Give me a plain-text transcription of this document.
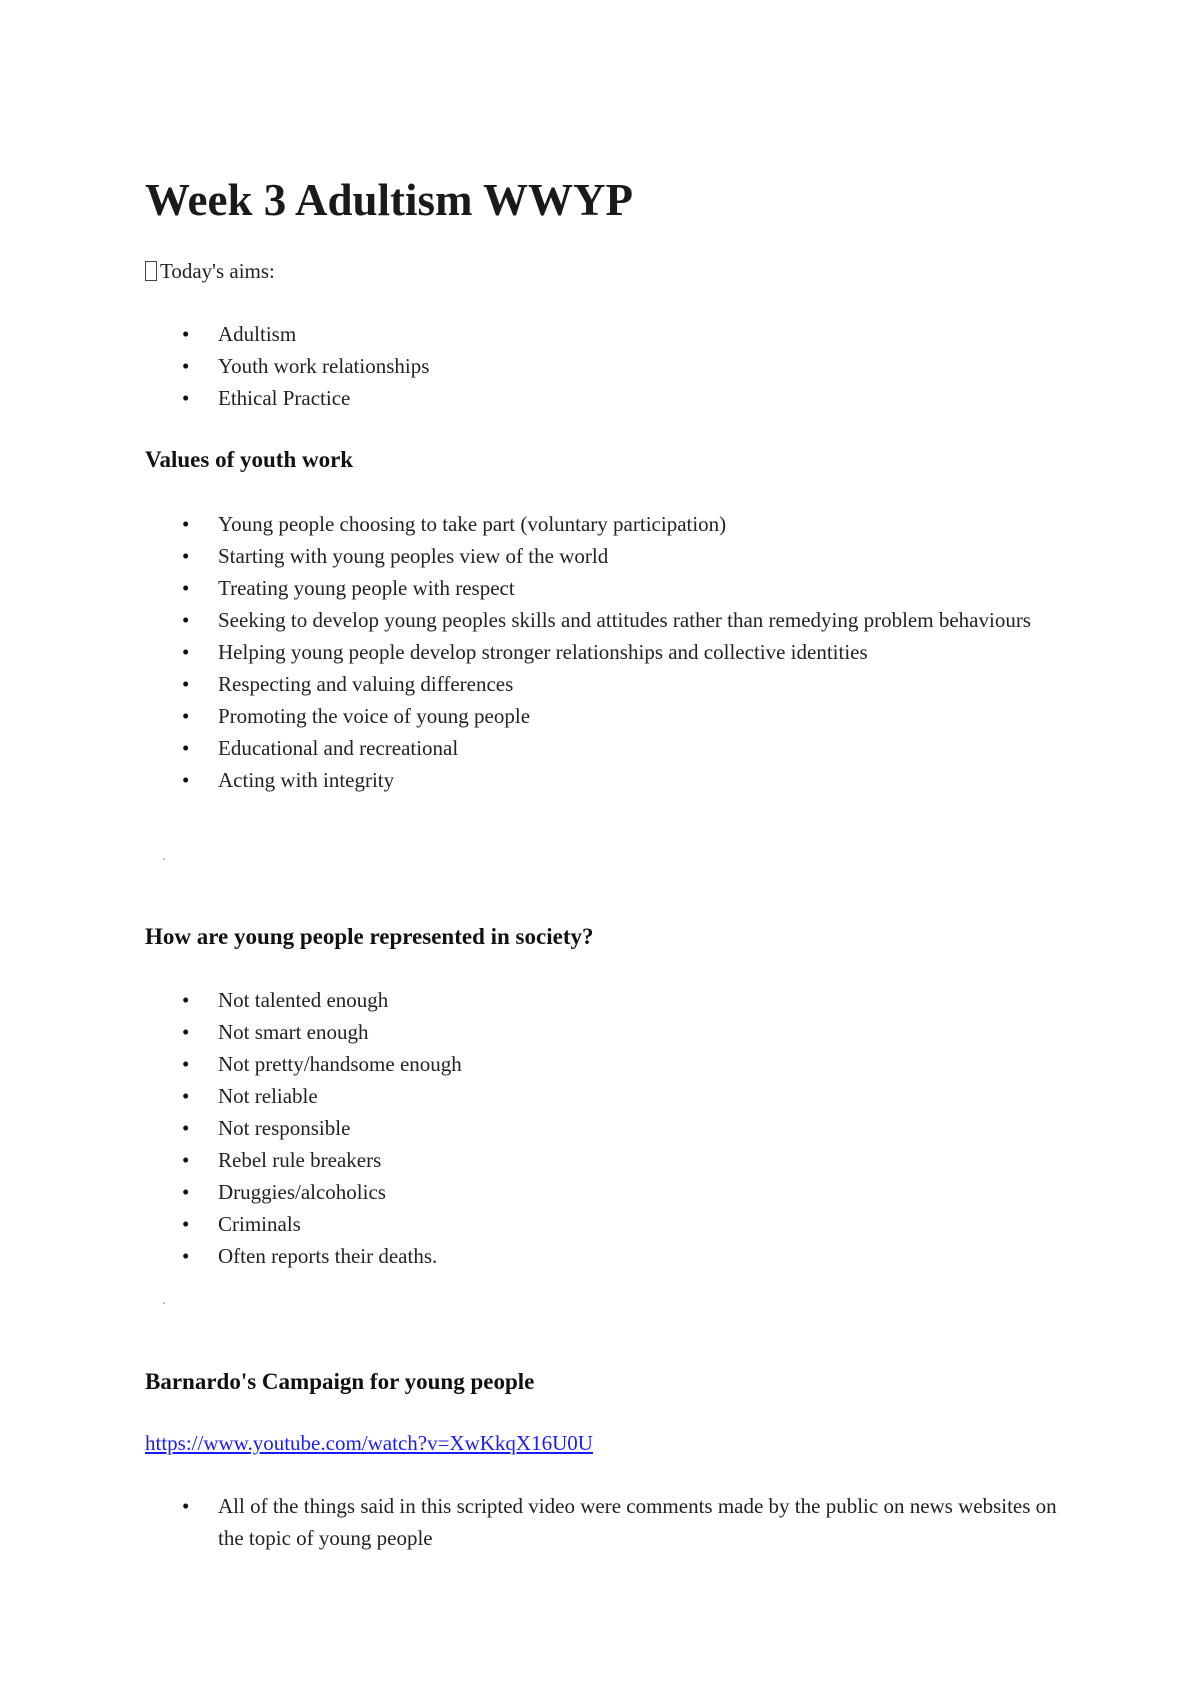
Week 3 Adultism WWYP

Today's aims:

• Adultism
• Youth work relationships
• Ethical Practice
Values of youth work
• Young people choosing to take part (voluntary participation)
• Starting with young peoples view of the world
• Treating young people with respect
• Seeking to develop young peoples skills and attitudes rather than remedying problem behaviours
• Helping young people develop stronger relationships and collective identities
• Respecting and valuing differences
• Promoting the voice of young people
• Educational and recreational
• Acting with integrity
How are young people represented in society?
• Not talented enough
• Not smart enough
• Not pretty/handsome enough
• Not reliable
• Not responsible
• Rebel rule breakers
• Druggies/alcoholics
• Criminals
• Often reports their deaths.
Barnardo's Campaign for young people
https://www.youtube.com/watch?v=XwKkqX16U0U
• All of the things said in this scripted video were comments made by the public on news websites on the topic of young people
